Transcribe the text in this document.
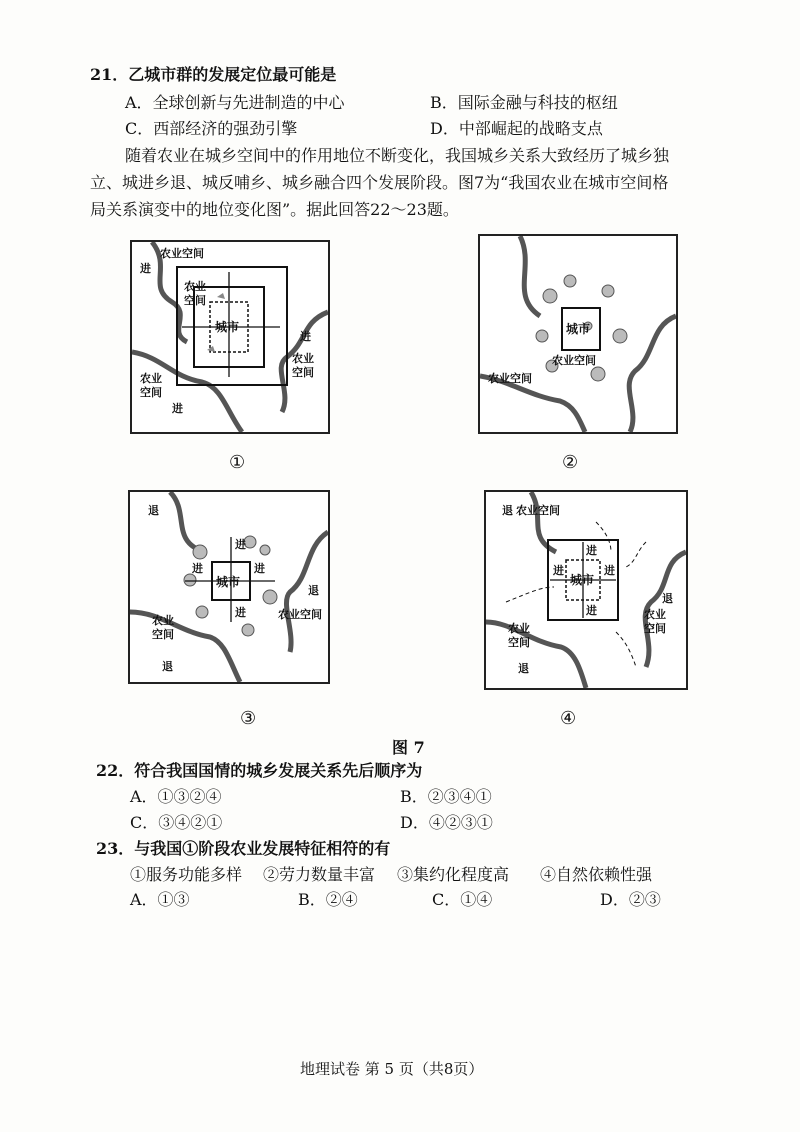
21．乙城市群的发展定位最可能是
A．全球创新与先进制造的中心	B．国际金融与科技的枢纽
C．西部经济的强劲引擎	D．中部崛起的战略支点
随着农业在城乡空间中的作用地位不断变化，我国城乡关系大致经历了城乡独
立、城进乡退、城反哺乡、城乡融合四个发展阶段。图7为“我国农业在城市空间格
局关系演变中的地位变化图”。据此回答22～23题。
城市
农业空间
进
农业
空间
进
农业
空间
农业
空间
进
①
城市
农业空间
农业空间
②
城市
进
进	进
进
退
退
农业空间
农业
空间
退
③
城市
进
进	进
进
退 农业空间
退
农业
空间
农业
空间
退
④
图 7
22．符合我国国情的城乡发展关系先后顺序为
A．①③②④	B．②③④①
C．③④②①	D．④②③①
23．与我国①阶段农业发展特征相符的有
①服务功能多样 ②劳力数量丰富 ③集约化程度高 ④自然依赖性强
A．①③	B．②④	C．①④	D．②③
地理试卷 第 5 页（共8页）
